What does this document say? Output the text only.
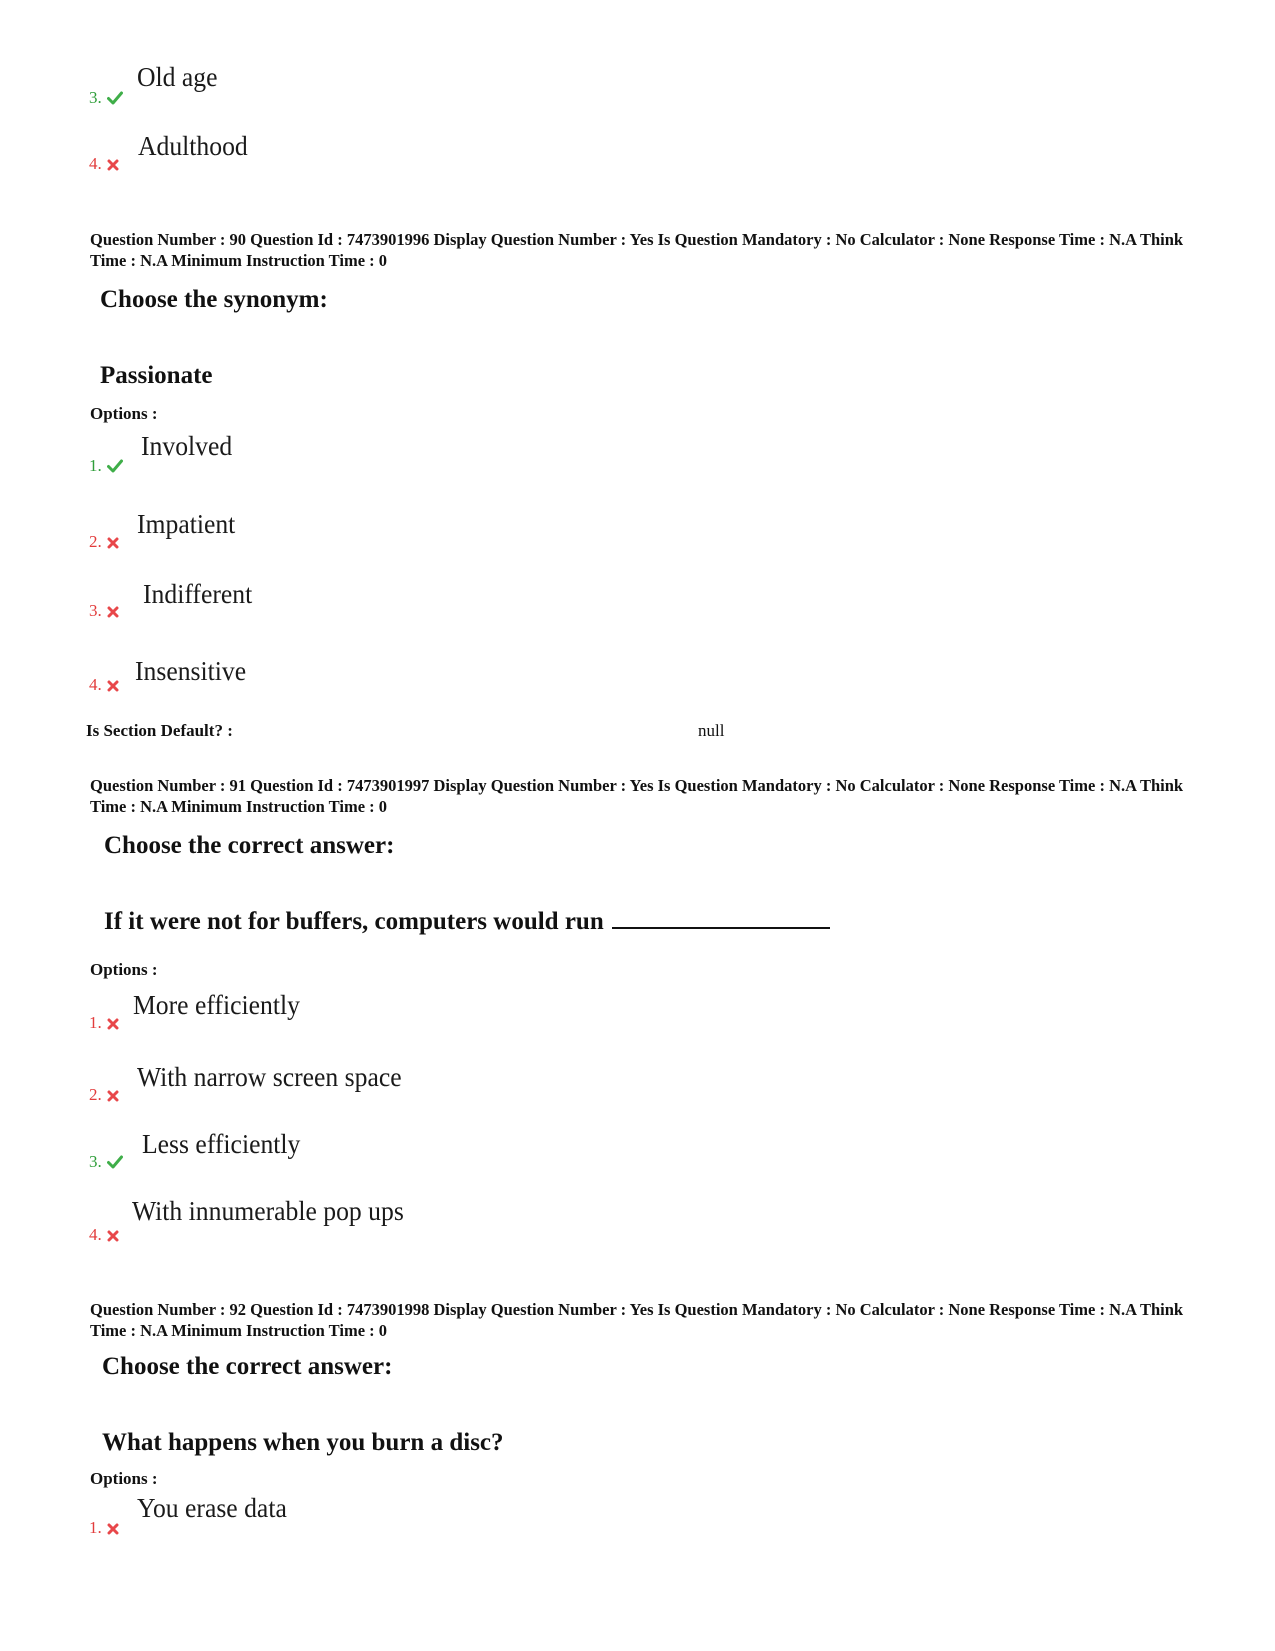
3.
Old age
4.
Adulthood
Question Number : 90 Question Id : 7473901996 Display Question Number : Yes Is Question Mandatory : No Calculator : None Response Time : N.A Think Time : N.A Minimum Instruction Time : 0
Choose the synonym:
Passionate
Options :
1.
Involved
2.
Impatient
3.
Indifferent
4.	Insensitive
Is Section Default? :	null
Question Number : 91 Question Id : 7473901997 Display Question Number : Yes Is Question Mandatory : No Calculator : None Response Time : N.A Think Time : N.A Minimum Instruction Time : 0
Choose the correct answer:
If it were not for buffers, computers would run
Options :
1.
More efficiently
2.
With narrow screen space
3.
Less efficiently
4.
With innumerable pop ups
Question Number : 92 Question Id : 7473901998 Display Question Number : Yes Is Question Mandatory : No Calculator : None Response Time : N.A Think Time : N.A Minimum Instruction Time : 0
Choose the correct answer:
What happens when you burn a disc?
Options :
1.
You erase data
